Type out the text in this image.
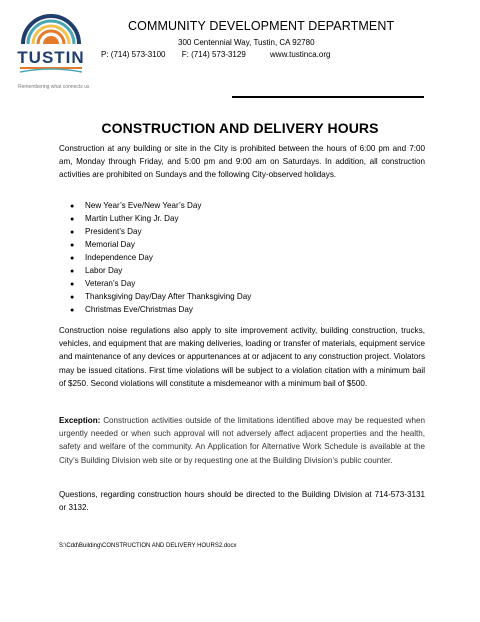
TUSTIN
Remembering what connects us
COMMUNITY DEVELOPMENT DEPARTMENT
300 Centennial Way, Tustin, CA 92780
P: (714) 573-3100 F: (714) 573-3129	www.tustinca.org
CONSTRUCTION AND DELIVERY HOURS
Construction at any building or site in the City is prohibited between the hours of 6:00 pm and 7:00 am, Monday through Friday, and 5:00 pm and 9:00 am on Saturdays. In addition, all construction activities are prohibited on Sundays and the following City-observed holidays.
● New Year’s Eve/New Year’s Day
● Martin Luther King Jr. Day
● President’s Day
● Memorial Day
● Independence Day
● Labor Day
● Veteran’s Day
● Thanksgiving Day/Day After Thanksgiving Day
● Christmas Eve/Christmas Day
Construction noise regulations also apply to site improvement activity, building construction, trucks, vehicles, and equipment that are making deliveries, loading or transfer of materials, equipment service and maintenance of any devices or appurtenances at or adjacent to any construction project. Violators may be issued citations. First time violations will be subject to a violation citation with a minimum bail of $250. Second violations will constitute a misdemeanor with a minimum bail of $500.
Exception: Construction activities outside of the limitations identified above may be requested when urgently needed or when such approval will not adversely affect adjacent properties and the health, safety and welfare of the community. An Application for Alternative Work Schedule is available at the City’s Building Division web site or by requesting one at the Building Division’s public counter.
Questions, regarding construction hours should be directed to the Building Division at 714-573-3131 or 3132.
S:\Cdd\Building\CONSTRUCTION AND DELIVERY HOURS2.docx
